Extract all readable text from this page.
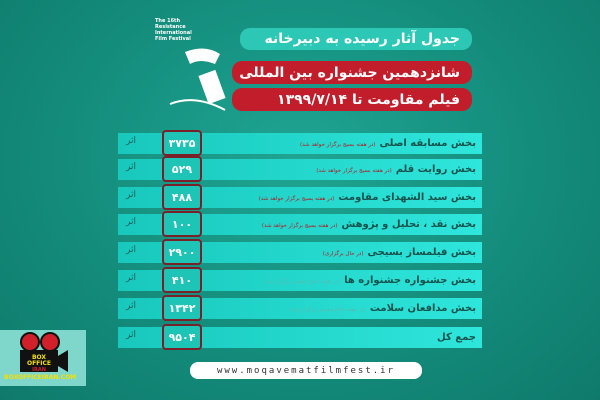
The 16th
Resistance
International
Film Festival	جدول آثار رسیده به دبیرخانه
شانزدهمین جشنواره بین المللی
فیلم مقاومت تا ۱۳۹۹/۷/۱۴
بخش مسابقه اصلی(در هفته بسیج برگزار خواهد شد)
۳۷۳۵
اثر
بخش روایت قلم(در هفته بسیج برگزار خواهد شد)
۵۲۹
اثر
بخش سید الشهدای مقاومت(در هفته بسیج برگزار خواهد شد)
۴۸۸
اثر
بخش نقد ، تحلیل و پژوهش(در هفته بسیج برگزار خواهد شد)
۱۰۰
اثر
بخش فیلمساز بسیجی(در حال برگزاری)
۲۹۰۰
اثر
بخش جشنواره جشنواره ها(در هفته دفاع مقدس برگزار شد)
۴۱۰
اثر
بخش مدافعان سلامت(در هفته دفاع مقدس برگزار شد)
۱۳۴۲
اثر
جمع کل
۹۵۰۴
اثر
www.moqavematfilmfest.ir
BOX
OFFICE
IRAN
BOXOFFICEIRAN.COM
